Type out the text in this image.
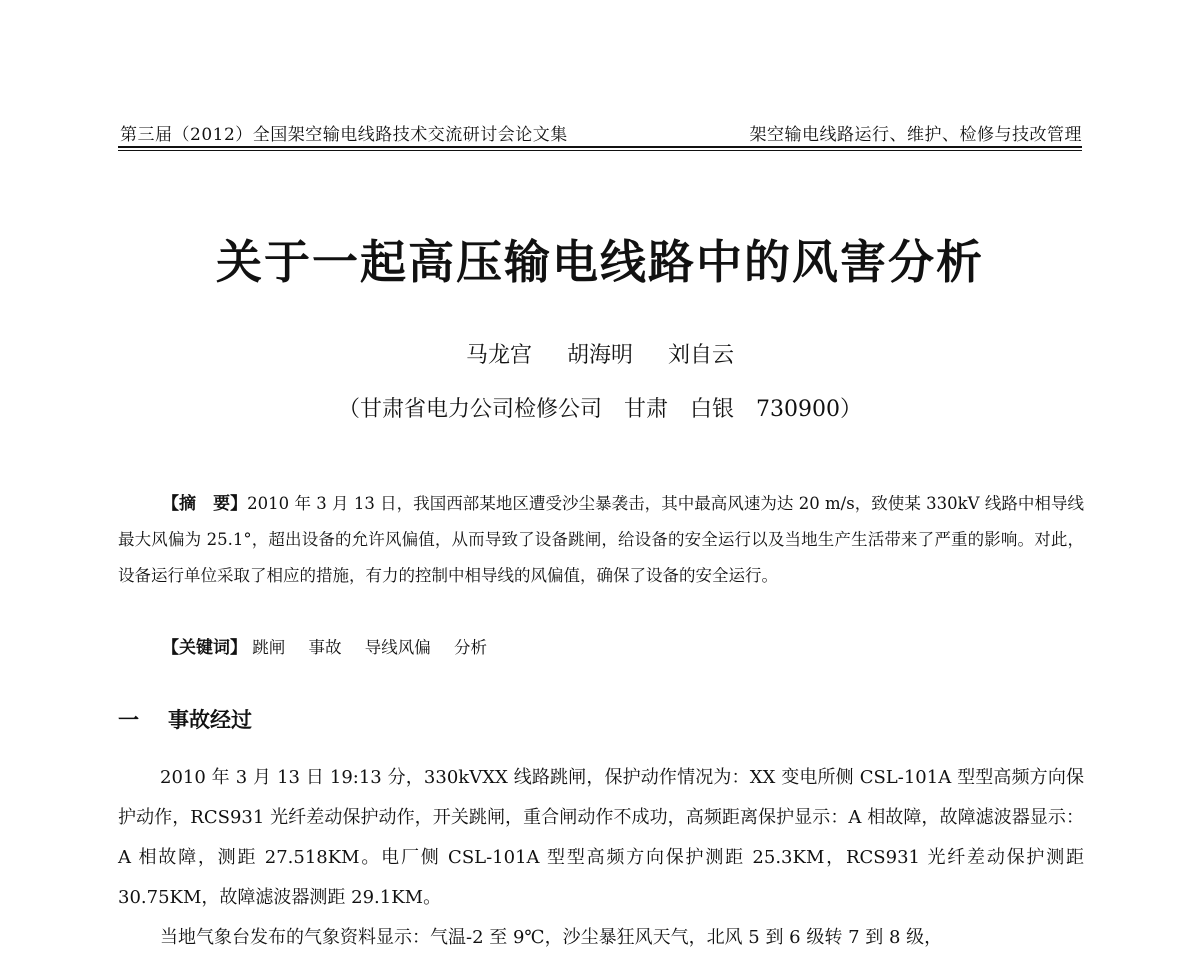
第三届（2012）全国架空输电线路技术交流研讨会论文集	架空输电线路运行、维护、检修与技改管理
关于一起高压输电线路中的风害分析
马龙宫 胡海明 刘自云
（甘肃省电力公司检修公司　甘肃　白银　730900）

【摘　要】2010 年 3 月 13 日，我国西部某地区遭受沙尘暴袭击，其中最高风速为达 20 m/s，致使某 330kV 线路中相导线最大风偏为 25.1°，超出设备的允许风偏值，从而导致了设备跳闸，给设备的安全运行以及当地生产生活带来了严重的影响。对此，设备运行单位采取了相应的措施，有力的控制中相导线的风偏值，确保了设备的安全运行。

【关键词】 跳闸 事故 导线风偏 分析
一 事故经过

2010 年 3 月 13 日 19:13 分，330kVXX 线路跳闸，保护动作情况为：XX 变电所侧 CSL-101A 型型高频方向保护动作，RCS931 光纤差动保护动作，开关跳闸，重合闸动作不成功，高频距离保护显示：A 相故障，故障滤波器显示：A 相故障，测距 27.518KM。电厂侧 CSL-101A 型型高频方向保护测距 25.3KM，RCS931 光纤差动保护测距 30.75KM，故障滤波器测距 29.1KM。

当地气象台发布的气象资料显示：气温-2 至 9℃，沙尘暴狂风天气，北风 5 到 6 级转 7 到 8 级，
